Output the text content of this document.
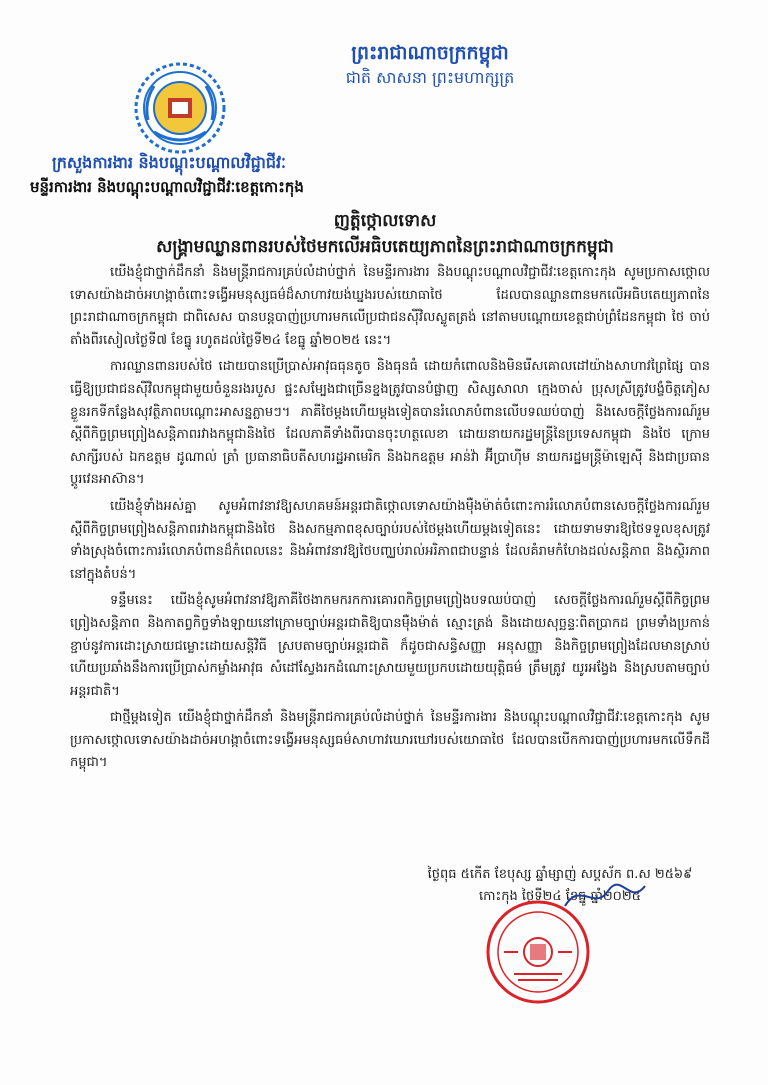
ព្រះរាជាណាចក្រកម្ពុជា
ជាតិ សាសនា ព្រះមហាក្សត្រ
ក្រសួងការងារ និងបណ្តុះបណ្តាលវិជ្ជាជីវៈ
មន្ទីរការងារ និងបណ្តុះបណ្តាលវិជ្ជាជីវៈខេត្តកោះកុង
ញត្តិថ្កោលទោស
សង្គ្រាមឈ្លានពានរបស់ថៃមកលើអធិបតេយ្យភាពនៃព្រះរាជាណាចក្រកម្ពុជា

យើងខ្ញុំជាថ្នាក់ដឹកនាំ និងមន្រ្តីរាជការគ្រប់លំដាប់ថ្នាក់ នៃមន្ទីរការងារ និងបណ្តុះបណ្តាលវិជ្ជាជីវៈខេត្តកោះកុង សូមប្រកាសថ្កោលទោសយ៉ាងដាច់អហង្កាចំពោះទង្វើអមនុស្សធម៌ដ៏សាហាវយង់ឃ្នងរបស់យោធាថៃ ដែលបានឈ្លានពានមកលើអធិបតេយ្យភាពនៃព្រះរាជាណាចក្រកម្ពុជា ជាពិសេស បានបន្តបាញ់ប្រហារមកលើប្រជាជនស៊ីវិលស្លូតត្រង់ នៅតាមបណ្តោយខេត្តជាប់ព្រំដែនកម្ពុជា ថៃ ចាប់តាំងពីរសៀលថ្ងៃទី៧ ខែធ្នូ រហូតដល់ថ្ងៃទី២៤ ខែធ្នូ ឆ្នាំ២០២៥ នេះ។

ការឈ្លានពានរបស់ថៃ ដោយបានប្រើប្រាស់អាវុធធុនតូច និងធុនធំ ដោយកំពោលនិងមិនរើសគោលដៅយ៉ាងសាហាវព្រៃផ្សៃ បានធ្វើឱ្យប្រជាជនស៊ីវិលកម្ពុជាមួយចំនួនរងរបួស ផ្ទះសម្បែងជាច្រើនខ្នងត្រូវបានបំផ្លាញ សិស្សសាលា ក្មេងចាស់ ប្រុសស្រីត្រូវបង្ខំចិត្តភៀសខ្លួនរកទីកន្លែងសុវត្ថិភាពបណ្តោះអាសន្នភ្លាមៗ។ ភាគីថៃម្តងហើយម្តងទៀតបានរំលោភបំពានលើបទឈប់បាញ់ និងសេចក្តីថ្លែងការណ៍រួមស្តីពីកិច្ចព្រមព្រៀងសន្តិភាពរវាងកម្ពុជានិងថៃ ដែលភាគីទាំងពីរបានចុះហត្ថលេខា ដោយនាយករដ្ឋមន្ត្រីនៃប្រទេសកម្ពុជា និងថៃ ក្រោមសាក្សីរបស់ ឯកឧត្តម ដូណាល់ ត្រាំ ប្រធានាធិបតីសហរដ្ឋអាមេរិក និងឯកឧត្តម អាន់វ៉ា អ៊ីប្រាហ៊ីម នាយករដ្ឋមន្ត្រីម៉ាឡេស៊ី និងជាប្រធានប្តូរវេនអាស៊ាន។

យើងខ្ញុំទាំងអស់គ្នា សូមអំពាវនាវឱ្យសហគមន៍អន្តរជាតិថ្កោលទោសយ៉ាងម៉ឺងម៉ាត់ចំពោះការរំលោភបំពានសេចក្តីថ្លែងការណ៍រួមស្តីពីកិច្ចព្រមព្រៀងសន្តិភាពរវាងកម្ពុជានិងថៃ និងសកម្មភាពខុសច្បាប់របស់ថៃម្តងហើយម្តងទៀតនេះ ដោយទាមទារឱ្យថៃទទួលខុសត្រូវទាំងស្រុងចំពោះការរំលោភបំពានដ៏កំពេលនេះ និងអំពាវនាវឱ្យថៃបញ្ឈប់រាល់អរិភាពជាបន្ទាន់ ដែលគំរាមកំហែងដល់សន្តិភាព និងស្ថិរភាពនៅក្នុងតំបន់។

ទន្ទឹមនេះ យើងខ្ញុំសូមអំពាវនាវឱ្យភាគីថៃងាកមករកការគោរពកិច្ចព្រមព្រៀងបទឈប់បាញ់ សេចក្តីថ្លែងការណ៍រួមស្តីពីកិច្ចព្រមព្រៀងសន្តិភាព និងកាតព្វកិច្ចទាំងឡាយនៅក្រោមច្បាប់អន្តរជាតិឱ្យបានម៉ឺងម៉ាត់ ស្មោះត្រង់ និងដោយសុច្ឆន្ទៈពិតប្រាកដ ព្រមទាំងប្រកាន់ខ្ជាប់នូវការដោះស្រាយជម្លោះដោយសន្តិវិធី ស្របតាមច្បាប់អន្តរជាតិ ក៏ដូចជាសន្ធិសញ្ញា អនុសញ្ញា និងកិច្ចព្រមព្រៀងដែលមានស្រាប់ ហើយប្រឆាំងនឹងការប្រើប្រាស់កម្លាំងអាវុធ សំដៅស្វែងរកដំណោះស្រាយមួយប្រកបដោយយុត្តិធម៌ ត្រឹមត្រូវ យូរអង្វែង និងស្របតាមច្បាប់អន្តរជាតិ។

ជាថ្មីម្តងទៀត យើងខ្ញុំជាថ្នាក់ដឹកនាំ និងមន្ត្រីរាជការគ្រប់លំដាប់ថ្នាក់ នៃមន្ទីរការងារ និងបណ្តុះបណ្តាលវិជ្ជាជីវៈខេត្តកោះកុង សូមប្រកាសថ្កោលទោសយ៉ាងដាច់អហង្កាចំពោះទង្វើអមនុស្សធម៌សាហាវឃោរឃៅរបស់យោធាថៃ ដែលបានបើកការបាញ់ប្រហារមកលើទឹកដីកម្ពុជា។

ថ្ងៃពុធ ៥កើត ខែបុស្ស ឆ្នាំម្សាញ់ សប្តស័ក ព.ស ២៥៦៩
កោះកុង ថ្ងៃទី២៤ ខែធ្នូ ឆ្នាំ២០២៥
